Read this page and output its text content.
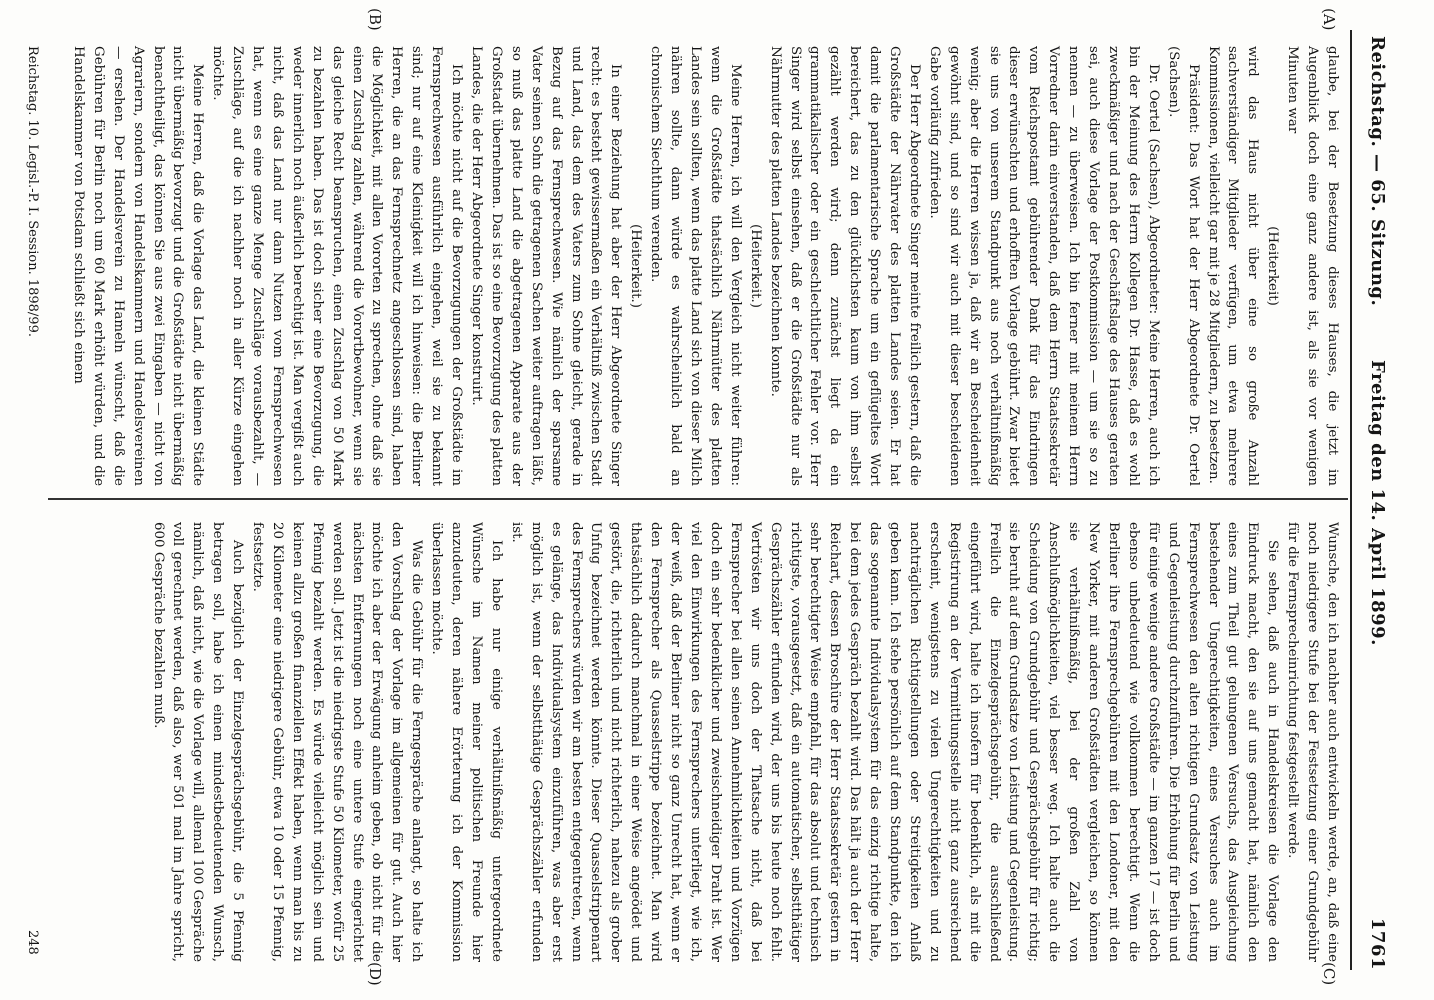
Reichstag. — 65. Sitzung.
Freitag den 14. April 1899.
1761
(A)
(B)
(C)
(D)

glaube, bei der Besetzung dieses Hauses, die jetzt im Augenblick doch eine ganz andere ist, als sie vor wenigen Minuten war

(Heiterkeit)

wird das Haus nicht über eine so große Anzahl sachverständiger Mitglieder verfügen, um etwa mehrere Kommissionen, vielleicht gar mit je 28 Mitgliedern, zu besetzen.

Präsident: Das Wort hat der Herr Abgeordnete Dr. Oertel (Sachsen).

Dr. Oertel (Sachsen), Abgeordneter: Meine Herren, auch ich bin der Meinung des Herrn Kollegen Dr. Hasse, daß es wohl zweckmäßiger und nach der Geschäftslage des Hauses geraten sei, auch diese Vorlage der Postkommission — um sie so zu nennen — zu überweisen. Ich bin ferner mit meinem Herrn Vorredner darin einverstanden, daß dem Herrn Staatssekretär vom Reichspostamt gebührender Dank für das Eindringen dieser erwünschten und erhofften Vorlage gebührt. Zwar bietet sie uns von unserem Standpunkt aus noch verhältnißmäßig wenig; aber die Herren wissen ja, daß wir an Bescheidenheit gewöhnt sind, und so sind wir auch mit dieser bescheidenen Gabe vorläufig zufrieden.

Der Herr Abgeordnete Singer meinte freilich gestern, daß die Großstädte der Nährvater des platten Landes seien. Er hat damit die parlamentarische Sprache um ein geflügeltes Wort bereichert, das zu den glücklichsten kaum von ihm selbst gezählt werden wird; denn zunächst liegt da ein grammatikalischer oder ein geschlechtlicher Fehler vor. Herr Singer wird selbst einsehen, daß er die Großstädte nur als Nährmutter des platten Landes bezeichnen konnte.

(Heiterkeit.)

Meine Herren, ich will den Vergleich nicht weiter führen: wenn die Großstädte thatsächlich Nährmütter des platten Landes sein sollten, wenn das platte Land sich von dieser Milch nähren sollte, dann würde es wahrscheinlich bald an chronischem Siechthum verenden.

(Heiterkeit.)

In einer Beziehung hat aber der Herr Abgeordnete Singer recht: es besteht gewissermaßen ein Verhältniß zwischen Stadt und Land, das dem des Vaters zum Sohne gleicht, gerade in Bezug auf das Fernsprechwesen. Wie nämlich der sparsame Vater seinen Sohn die getragenen Sachen weiter auftragen läßt, so muß das platte Land die abgetragenen Apparate aus der Großstadt übernehmen. Das ist so eine Bevorzugung des platten Landes, die der Herr Abgeordnete Singer konstruirt.

Ich möchte nicht auf die Bevorzugungen der Großstädte im Fernsprechwesen ausführlich eingehen, weil sie zu bekannt sind; nur auf eine Kleinigkeit will ich hinweisen: die Berliner Herren, die an das Fernsprechnetz angeschlossen sind, haben die Möglichkeit, mit allen Vororten zu sprechen, ohne daß sie einen Zuschlag zahlen, während die Vorortbewohner, wenn sie das gleiche Recht beanspruchen, einen Zuschlag von 50 Mark zu bezahlen haben. Das ist doch sicher eine Bevorzugung, die weder innerlich noch äußerlich berechtigt ist. Man vergißt auch nicht, daß das Land nur dann Nutzen vom Fernsprechwesen hat, wenn es eine ganze Menge Zuschläge vorausbezahlt, — Zuschläge, auf die ich nachher noch in aller Kürze eingehen möchte.

Meine Herren, daß die Vorlage das Land, die kleinen Städte nicht übermäßig bevorzugt und die Großstädte nicht übermäßig benachtheiligt, das können Sie aus zwei Eingaben — nicht von Agrariern, sondern von Handelskammern und Handelsvereinen — ersehen. Der Handelsverein zu Hameln wünscht, daß die Gebühren für Berlin noch um 60 Mark erhöht würden, und die Handelskammer von Potsdam schließt sich einem

Wunsche, den ich nachher auch entwickeln werde, an, daß eine noch niedrigere Stufe bei der Festsetzung einer Grundgebühr für die Fernsprecheinrichtung festgestellt werde.

Sie sehen, daß auch in Handelskreisen die Vorlage den Eindruck macht, den sie auf uns gemacht hat, nämlich den eines zum Theil gut gelungenen Versuchs, das Ausgleichung bestehender Ungerechtigkeiten, eines Versuches auch im Fernsprechwesen den alten richtigen Grundsatz von Leistung und Gegenleistung durchzuführen. Die Erhöhung für Berlin und für einige wenige andere Großstädte — im ganzen 17 — ist doch ebenso unbedeutend wie vollkommen berechtigt. Wenn die Berliner ihre Fernsprechgebühren mit den Londoner, mit den New Yorker, mit anderen Großstädten vergleichen, so können sie verhältnißmäßig, bei der großen Zahl von Anschlußmöglichkeiten, viel besser weg. Ich halte auch die Scheidung von Grundgebühr und Gesprächsgebühr für richtig; sie beruht auf dem Grundsatze von Leistung und Gegenleistung. Freilich die Einzelgesprächsgebühr, die ausschließend eingeführt wird, halte ich insofern für bedenklich, als mit die Registrirung an der Vermittlungsstelle nicht ganz ausreichend erscheint, wenigstens zu vielen Ungerechtigkeiten und zu nachträglichen Richtigstellungen oder Streitigkeiten Anlaß geben kann. Ich stehe persönlich auf dem Standpunkte, den ich das sogenannte Individualsystem für das einzig richtige halte, bei dem jedes Gespräch bezahlt wird. Das hält ja auch der Herr Reichart, dessen Broschüre der Herr Staatssekretär gestern in sehr berechtigter Weise empfahl, für das absolut und technisch richtigste, vorausgesetzt, daß ein automatischer, selbstthätiger Gesprächszähler erfunden wird, der uns bis heute noch fehlt. Vertrösten wir uns doch der Thatsache nicht, daß bei Fernsprecher bei allen seinen Annehmlichkeiten und Vorzügen doch ein sehr bedenklicher und zweischneidiger Draht ist. Wer viel den Einwirkungen des Fernsprechers unterliegt, wie ich, der weiß, daß der Berliner nicht so ganz Unrecht hat, wenn er den Fernsprecher als Quasselstrippe bezeichnet. Man wird thatsächlich dadurch manchmal in einer Weise angeödet und gestört, die, richterlich und nicht richterlich, nahezu als grober Unfug bezeichnet werden könnte. Dieser Quasselstrippenart des Fernsprechers würden wir am besten entgegentreten, wenn es gelänge, das Individualsystem einzuführen, was aber erst möglich ist, wenn der selbstthätige Gesprächszähler erfunden ist.

Ich habe nur einige verhältnißmäßig untergeordnete Wünsche im Namen meiner politischen Freunde hier anzudeuten, deren nähere Erörterung ich der Kommission überlassen möchte.

Was die Gebühr für die Ferngespräche anlangt, so halte ich den Vorschlag der Vorlage im allgemeinen für gut. Auch hier möchte ich aber der Erwägung anheim geben, ob nicht für die nächsten Entfernungen noch eine untere Stufe eingerichtet werden soll. Jetzt ist die niedrigste Stufe 50 Kilometer, wofür 25 Pfennig bezahlt werden. Es würde vielleicht möglich sein und keinen allzu großen finanziellen Effekt haben, wenn man bis zu 20 Kilometer eine niedrigere Gebühr, etwa 10 oder 15 Pfennig, festsetzte.

Auch bezüglich der Einzelgesprächsgebühr, die 5 Pfennig betragen soll, habe ich einen mindestbedeutenden Wunsch, nämlich, daß nicht, wie die Vorlage will, allemal 100 Gespräche voll gerechnet werden, daß also, wer 501 mal im Jahre spricht, 600 Gespräche bezahlen muß.

Reichstag. 10. Legisl.-P. I. Session. 1898/99.
248
